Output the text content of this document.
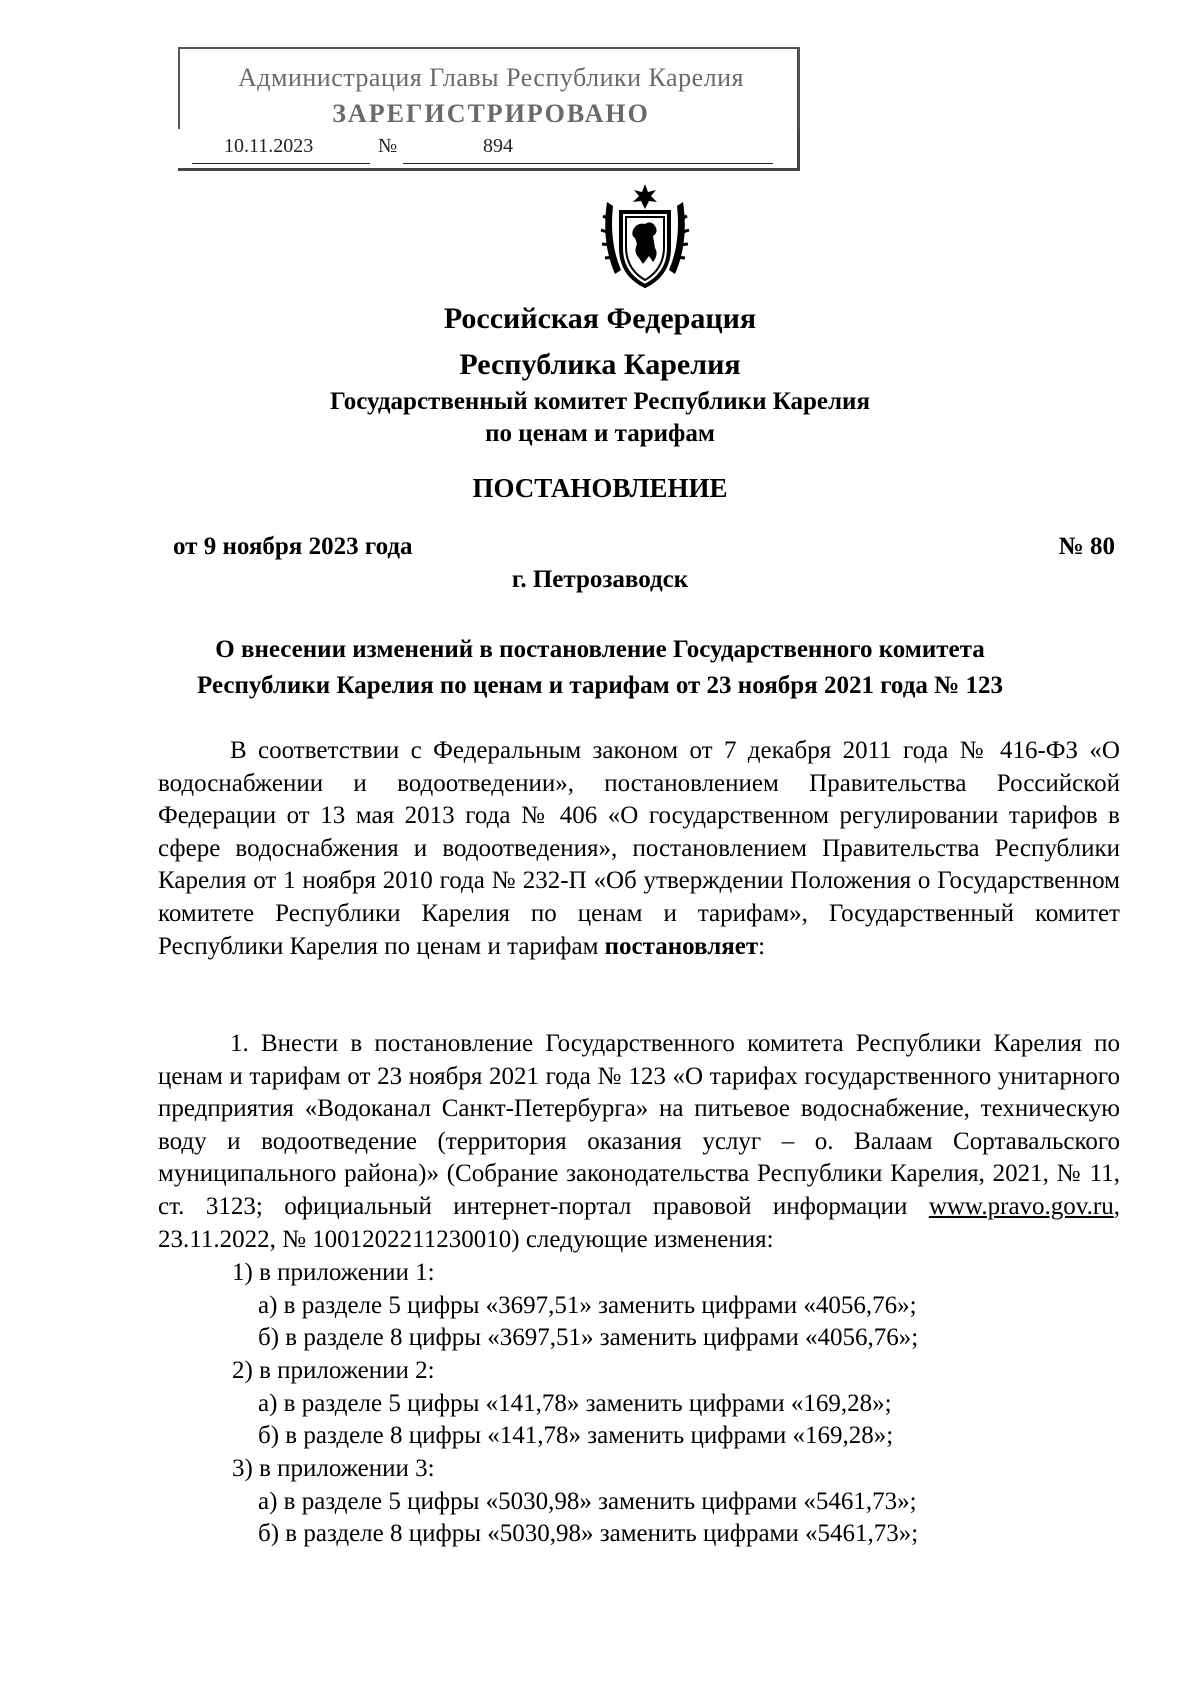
Администрация Главы Республики Карелия
ЗАРЕГИСТРИРОВАНО
10.11.2023	№	894
Российская Федерация
Республика Карелия
Государственный комитет Республики Карелия
по ценам и тарифам
ПОСТАНОВЛЕНИЕ
от 9 ноября 2023 года	№ 80
г. Петрозаводск
О внесении изменений в постановление Государственного комитета
Республики Карелия по ценам и тарифам от 23 ноября 2021 года № 123
В соответствии с Федеральным законом от 7 декабря 2011 года № 416-ФЗ «О водоснабжении и водоотведении», постановлением Правительства Российской Федерации от 13 мая 2013 года № 406 «О государственном регулировании тарифов в сфере водоснабжения и водоотведения», постановлением Правительства Республики Карелия от 1 ноября 2010 года № 232-П «Об утверждении Положения о Государственном комитете Республики Карелия по ценам и тарифам», Государственный комитет Республики Карелия по ценам и тарифам постановляет:
1. Внести в постановление Государственного комитета Республики Карелия по ценам и тарифам от 23 ноября 2021 года № 123 «О тарифах государственного унитарного предприятия «Водоканал Санкт-Петербурга» на питьевое водоснабжение, техническую воду и водоотведение (территория оказания услуг – о. Валаам Сортавальского муниципального района)» (Собрание законодательства Республики Карелия, 2021, № 11, ст. 3123; официальный интернет-портал правовой информации www.pravo.gov.ru, 23.11.2022, № 1001202211230010) следующие изменения:
1) в приложении 1:
а) в разделе 5 цифры «3697,51» заменить цифрами «4056,76»;
б) в разделе 8 цифры «3697,51» заменить цифрами «4056,76»;
2) в приложении 2:
а) в разделе 5 цифры «141,78» заменить цифрами «169,28»;
б) в разделе 8 цифры «141,78» заменить цифрами «169,28»;
3) в приложении 3:
а) в разделе 5 цифры «5030,98» заменить цифрами «5461,73»;
б) в разделе 8 цифры «5030,98» заменить цифрами «5461,73»;
